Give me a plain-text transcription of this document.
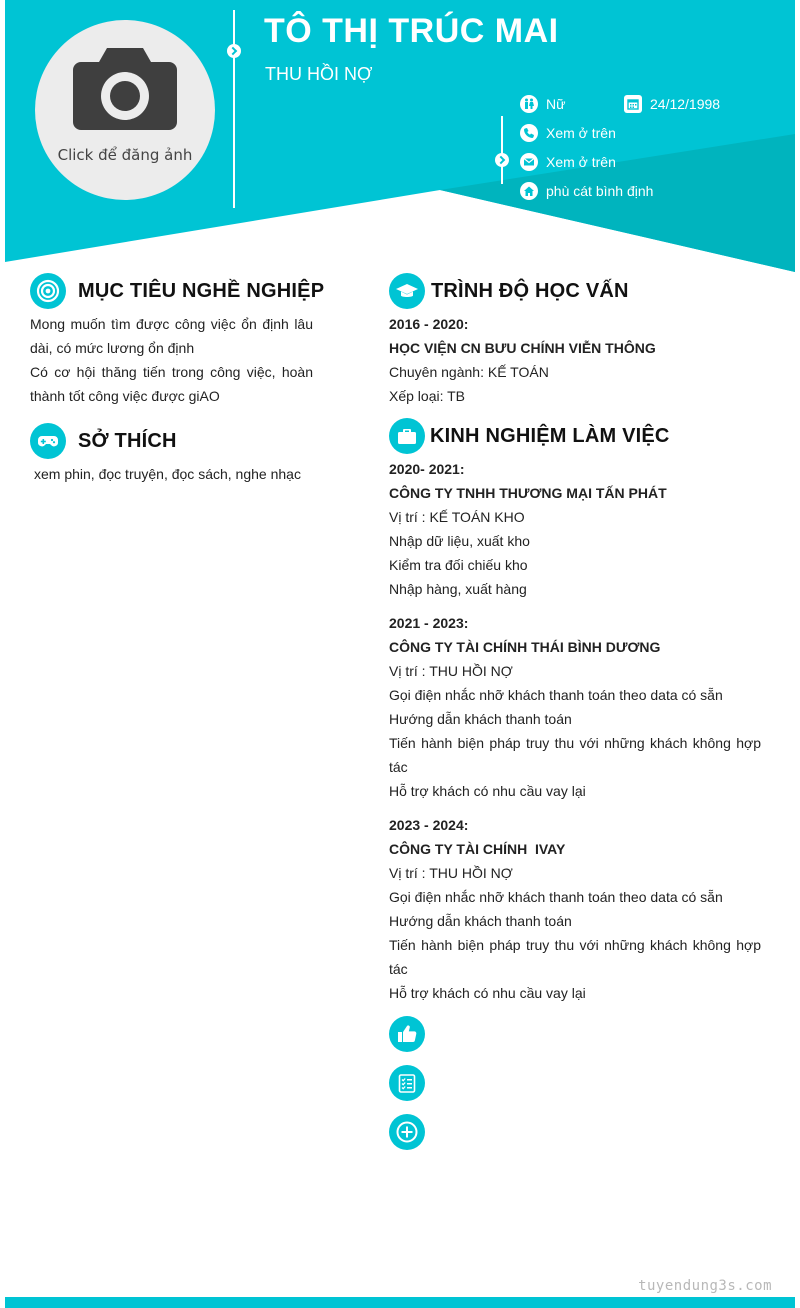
Click để đăng ảnh
TÔ THỊ TRÚC MAI
THU HỒI NỢ
Nữ	24/12/1998
Xem ở trên
Xem ở trên
phù cát bình định
MỤC TIÊU NGHỀ NGHIỆP
Mong muốn tìm được công việc ổn định lâu
dài, có mức lương ổn định
Có cơ hội thăng tiến trong công việc, hoàn
thành tốt công việc được giAO
SỞ THÍCH
xem phin, đọc truyện, đọc sách, nghe nhạc
TRÌNH ĐỘ HỌC VẤN
2016 - 2020:
HỌC VIỆN CN BƯU CHÍNH VIỄN THÔNG
Chuyên ngành: KẾ TOÁN
Xếp loại: TB
KINH NGHIỆM LÀM VIỆC
2020- 2021:
CÔNG TY TNHH THƯƠNG MẠI TẤN PHÁT
Vị trí : KẾ TOÁN KHO
Nhập dữ liệu, xuất kho
Kiểm tra đối chiếu kho
Nhập hàng, xuất hàng
2021 - 2023:
CÔNG TY TÀI CHÍNH THÁI BÌNH DƯƠNG
Vị trí : THU HỒI NỢ
Gọi điện nhắc nhỡ khách thanh toán theo data có sẵn
Hướng dẫn khách thanh toán
Tiến hành biện pháp truy thu với những khách không hợp
tác
Hỗ trợ khách có nhu cầu vay lại
2023 - 2024:
CÔNG TY TÀI CHÍNH  IVAY
Vị trí : THU HỒI NỢ
Gọi điện nhắc nhỡ khách thanh toán theo data có sẵn
Hướng dẫn khách thanh toán
Tiến hành biện pháp truy thu với những khách không hợp
tác
Hỗ trợ khách có nhu cầu vay lại
tuyendung3s.com
